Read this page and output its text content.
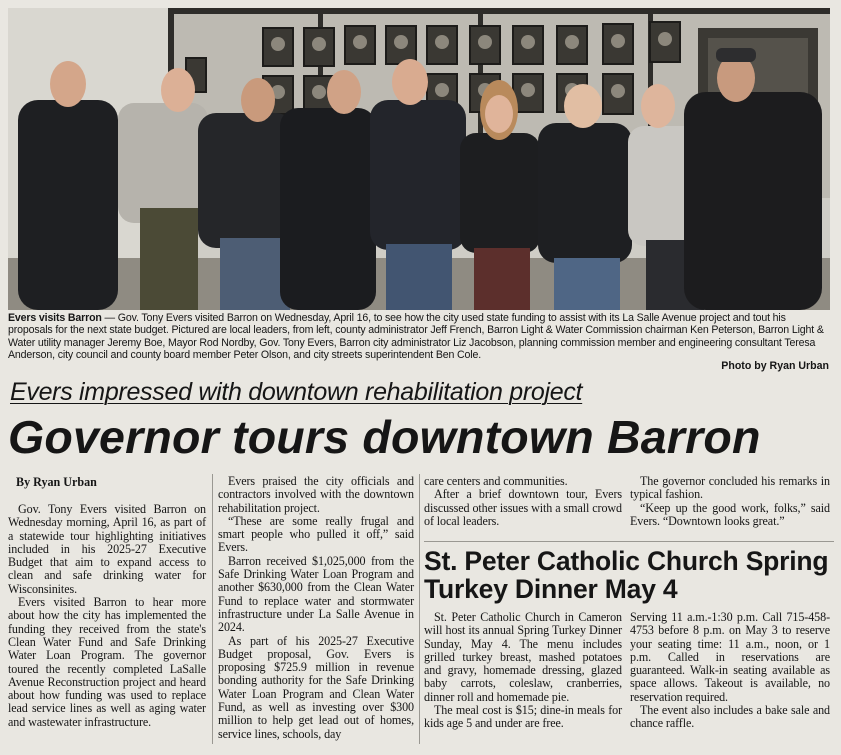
Evers visits Barron — Gov. Tony Evers visited Barron on Wednesday, April 16, to see how the city used state funding to assist with its La Salle Avenue project and tout his proposals for the next state budget. Pictured are local leaders, from left, county administrator Jeff French, Barron Light & Water Commission chairman Ken Peterson, Barron Light & Water utility manager Jeremy Boe, Mayor Rod Nordby, Gov. Tony Evers, Barron city administrator Liz Jacobson, planning commission member and engineering consultant Teresa Anderson, city council and county board member Peter Olson, and city streets superintendent Ben Cole.
Photo by Ryan Urban
Evers impressed with downtown rehabilitation project
Governor tours downtown Barron
By Ryan Urban

Gov. Tony Evers visited Barron on Wednesday morning, April 16, as part of a statewide tour highlighting initiatives included in his 2025-27 Executive Budget that aim to expand access to clean and safe drinking water for Wisconsinites.

Evers visited Barron to hear more about how the city has implemented the funding they received from the state's Clean Water Fund and Safe Drinking Water Loan Program. The governor toured the recently completed LaSalle Avenue Reconstruction project and heard about how funding was used to replace lead service lines as well as aging water and wastewater infrastructure.

Evers praised the city officials and contractors involved with the downtown rehabilitation project.

“These are some really frugal and smart people who pulled it off,” said Evers.

Barron received $1,025,000 from the Safe Drinking Water Loan Program and another $630,000 from the Clean Water Fund to replace water and stormwater infrastructure under La Salle Avenue in 2024.

As part of his 2025-27 Executive Budget proposal, Gov. Evers is proposing $725.9 million in revenue bonding authority for the Safe Drinking Water Loan Program and Clean Water Fund, as well as investing over $300 million to help get lead out of homes, service lines, schools, day

care centers and communities.

After a brief downtown tour, Evers discussed other issues with a small crowd of local leaders.

The governor concluded his remarks in typical fashion.

“Keep up the good work, folks,” said Evers. “Downtown looks great.”

St. Peter Catholic Church Spring Turkey Dinner May 4

St. Peter Catholic Church in Cameron will host its annual Spring Turkey Dinner Sunday, May 4. The menu includes grilled turkey breast, mashed potatoes and gravy, homemade dressing, glazed baby carrots, coleslaw, cranberries, dinner roll and homemade pie.

The meal cost is $15; dine-in meals for kids age 5 and under are free.

Serving 11 a.m.-1:30 p.m. Call 715-458-4753 before 8 p.m. on May 3 to reserve your seating time: 11 a.m., noon, or 1 p.m. Called in reservations are guaranteed. Walk-in seating available as space allows. Takeout is available, no reservation required.

The event also includes a bake sale and chance raffle.
